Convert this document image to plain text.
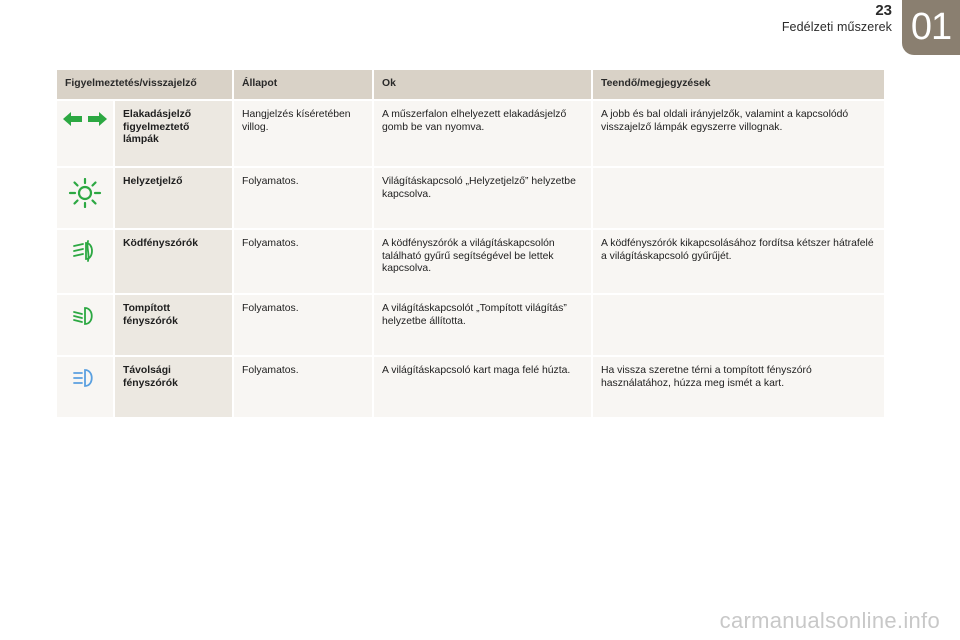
23
Fedélzeti műszerek 01
Figyelmeztetés/visszajelző		Állapot	Ok	Teendő/megjegyzések

	Elakadásjelző figyelmeztető lámpák	Hangjelzés kíséretében villog.	A műszerfalon elhelyezett elakadásjelző gomb be van nyomva.	A jobb és bal oldali irányjelzők, valamint a kapcsolódó visszajelző lámpák egyszerre villognak.

	Helyzetjelző	Folyamatos.	Világításkapcsoló „Helyzetjelző” helyzetbe kapcsolva.	

	Ködfényszórók	Folyamatos.	A ködfényszórók a világításkapcsolón található gyűrű segítségével be lettek kapcsolva.	A ködfényszórók kikapcsolásához fordítsa kétszer hátrafelé a világításkapcsoló gyűrűjét.

	Tompított fényszórók	Folyamatos.	A világításkapcsolót „Tompított világítás” helyzetbe állította.	

	Távolsági fényszórók	Folyamatos.	A világításkapcsoló kart maga felé húzta.	Ha vissza szeretne térni a tompított fényszóró használatához, húzza meg ismét a kart.
carmanualsonline.info
